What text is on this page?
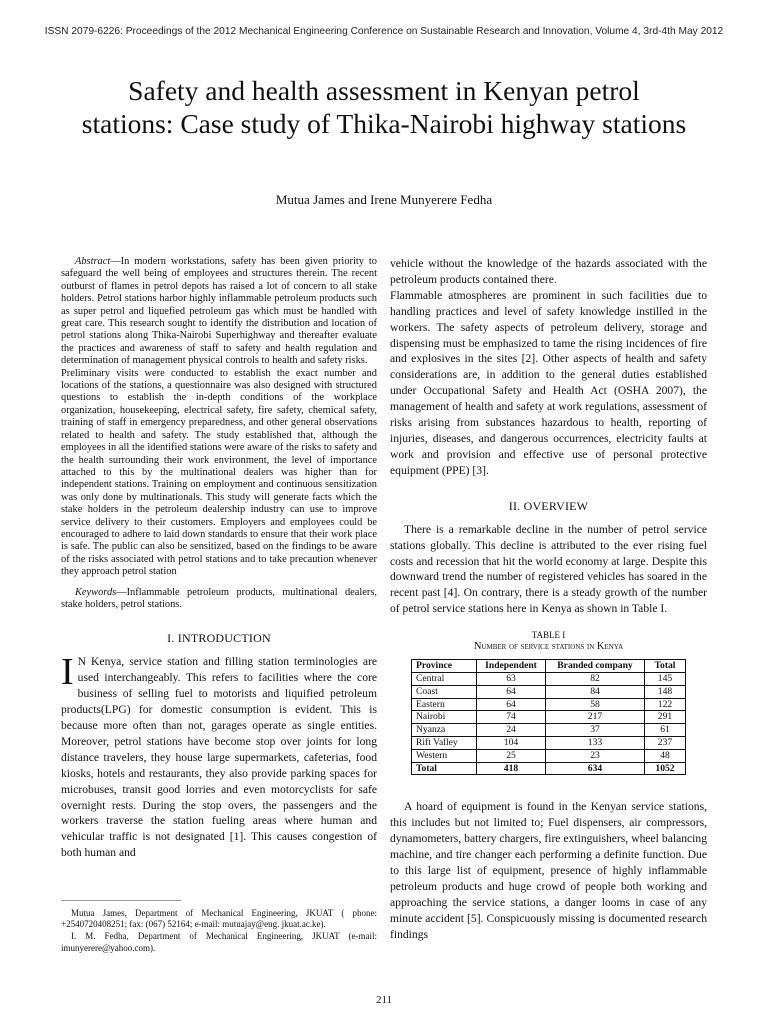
ISSN 2079-6226: Proceedings of the 2012 Mechanical Engineering Conference on Sustainable Research and Innovation, Volume 4, 3rd-4th May 2012
Safety and health assessment in Kenyan petrol stations: Case study of Thika-Nairobi highway stations
Mutua James and Irene Munyerere Fedha

Abstract—In modern workstations, safety has been given priority to safeguard the well being of employees and structures therein. The recent outburst of flames in petrol depots has raised a lot of concern to all stake holders. Petrol stations harbor highly inflammable petroleum products such as super petrol and liquefied petroleum gas which must be handled with great care. This research sought to identify the distribution and location of petrol stations along Thika-Nairobi Superhighway and thereafter evaluate the practices and awareness of staff to safety and health regulation and determination of management physical controls to health and safety risks.
Preliminary visits were conducted to establish the exact number and locations of the stations, a questionnaire was also designed with structured questions to establish the in-depth conditions of the workplace organization, housekeeping, electrical safety, fire safety, chemical safety, training of staff in emergency preparedness, and other general observations related to health and safety. The study established that, although the employees in all the identified stations were aware of the risks to safety and the health surrounding their work environment, the level of importance attached to this by the multinational dealers was higher than for independent stations. Training on employment and continuous sensitization was only done by multinationals. This study will generate facts which the stake holders in the petroleum dealership industry can use to improve service delivery to their customers. Employers and employees could be encouraged to adhere to laid down standards to ensure that their work place is safe. The public can also be sensitized, based on the findings to be aware of the risks associated with petrol stations and to take precaution whenever they approach petrol station

Keywords—Inflammable petroleum products, multinational dealers, stake holders, petrol stations.

I. INTRODUCTION

I N Kenya, service station and filling station terminologies are used interchangeably. This refers to facilities where the core business of selling fuel to motorists and liquified petroleum products(LPG) for domestic consumption is evident. This is because more often than not, garages operate as single entities. Moreover, petrol stations have become stop over joints for long distance travelers, they house large supermarkets, cafeterias, food kiosks, hotels and restaurants, they also provide parking spaces for microbuses, transit good lorries and even motorcyclists for safe overnight rests. During the stop overs, the passengers and the workers traverse the station fueling areas where human and vehicular traffic is not designated [1]. This causes congestion of both human and

Mutua James, Department of Mechanical Engineering, JKUAT ( phone: +2540720408251; fax: (067) 52164; e-mail: mutuajay@eng. jkuat.ac.ke).

I. M. Fedha, Department of Mechanical Engineering, JKUAT (e-mail: imunyerere@yahoo.com).

vehicle without the knowledge of the hazards associated with the petroleum products contained there.

Flammable atmospheres are prominent in such facilities due to handling practices and level of safety knowledge instilled in the workers. The safety aspects of petroleum delivery, storage and dispensing must be emphasized to tame the rising incidences of fire and explosives in the sites [2]. Other aspects of health and safety considerations are, in addition to the general duties established under Occupational Safety and Health Act (OSHA 2007), the management of health and safety at work regulations, assessment of risks arising from substances hazardous to health, reporting of injuries, diseases, and dangerous occurrences, electricity faults at work and provision and effective use of personal protective equipment (PPE) [3].

II. OVERVIEW

There is a remarkable decline in the number of petrol service stations globally. This decline is attributed to the ever rising fuel costs and recession that hit the world economy at large. Despite this downward trend the number of registered vehicles has soared in the recent past [4]. On contrary, there is a steady growth of the number of petrol service stations here in Kenya as shown in Table I.

TABLE I
Number of service stations in Kenya
Province	Independent	Branded company	Total
Central	63	82	145
Coast	64	84	148
Eastern	64	58	122
Nairobi	74	217	291
Nyanza	24	37	61
Rift Valley	104	133	237
Western	25	23	48
Total	418	634	1052

A hoard of equipment is found in the Kenyan service stations, this includes but not limited to; Fuel dispensers, air compressors, dynamometers, battery chargers, fire extinguishers, wheel balancing machine, and tire changer each performing a definite function. Due to this large list of equipment, presence of highly inflammable petroleum products and huge crowd of people both working and approaching the service stations, a danger looms in case of any minute accident [5]. Conspicuously missing is documented research findings

211
